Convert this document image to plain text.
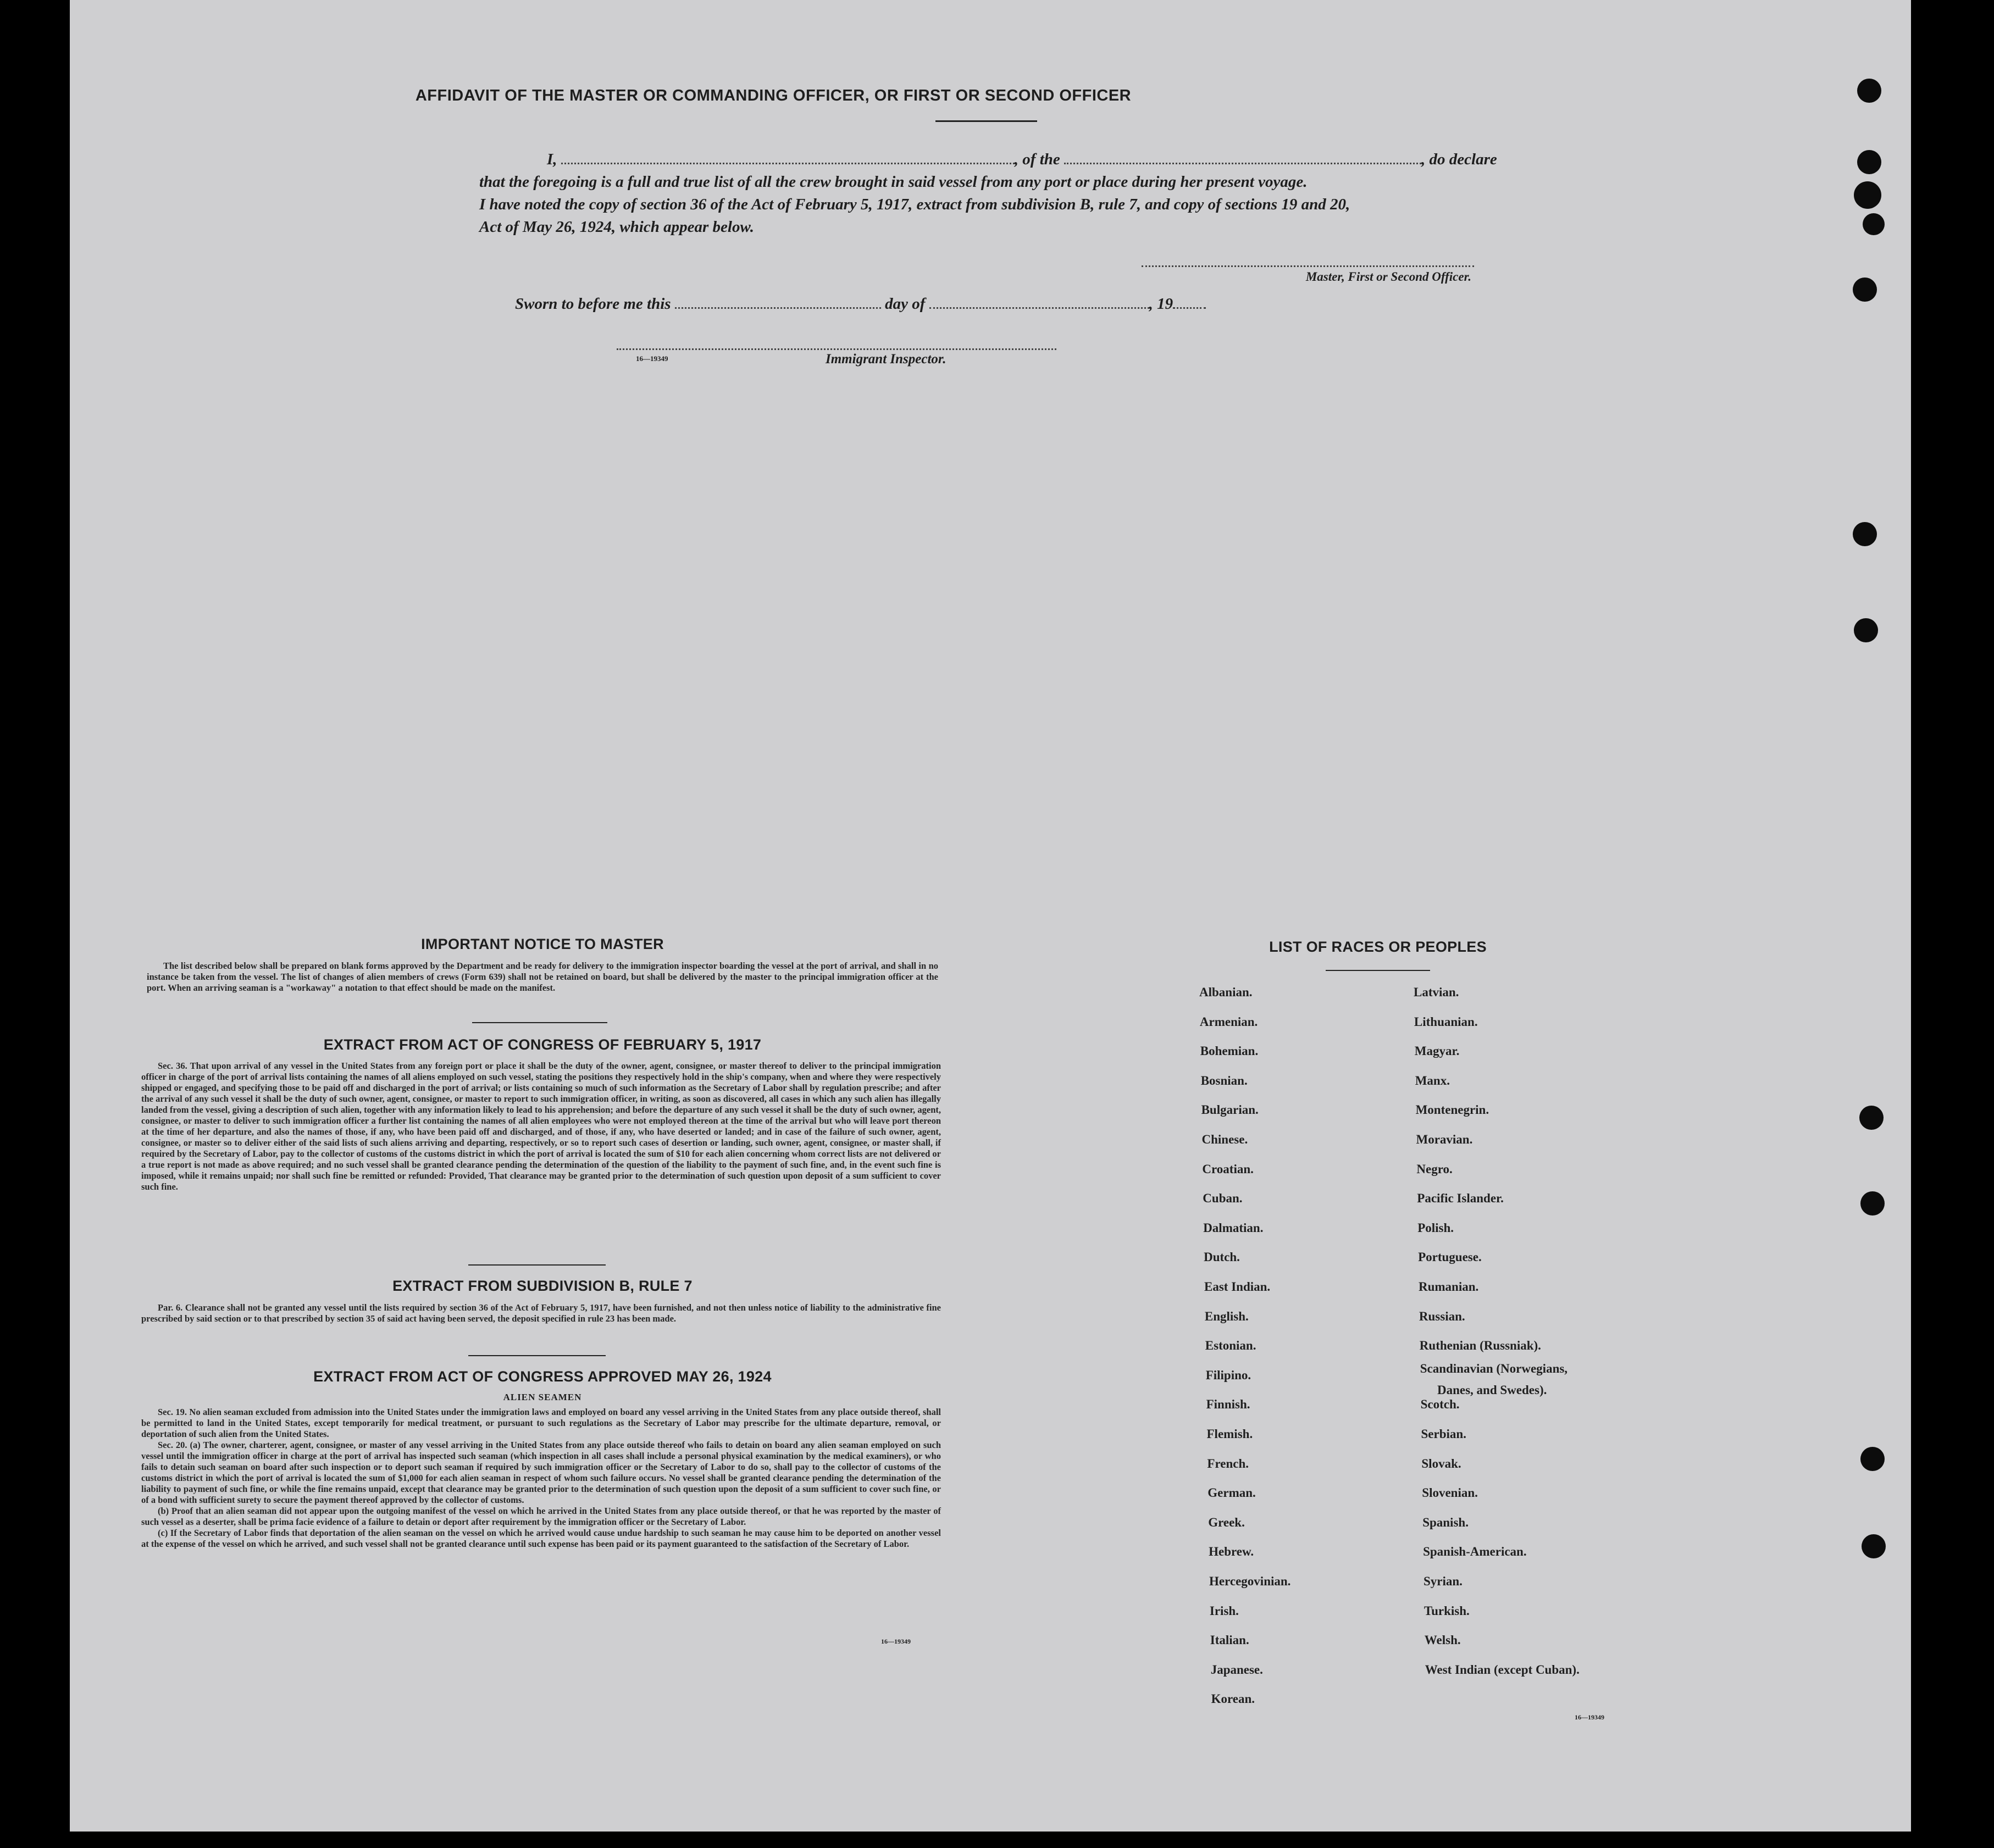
AFFIDAVIT OF THE MASTER OR COMMANDING OFFICER, OR FIRST OR SECOND OFFICER
I,	, of the	, do declare
that the foregoing is a full and true list of all the crew brought in said vessel from any port or place during her present voyage.
I have noted the copy of section 36 of the Act of February 5, 1917, extract from subdivision B, rule 7, and copy of sections 19 and 20,
Act of May 26, 1924, which appear below.
Master, First or Second Officer.
Sworn to before me this	day of	, 19
16—19349	Immigrant Inspector.
IMPORTANT NOTICE TO MASTER

The list described below shall be prepared on blank forms approved by the Department and be ready for delivery to the immigration inspector boarding the vessel at the port of arrival, and shall in no instance be taken from the vessel. The list of changes of alien members of crews (Form 639) shall not be retained on board, but shall be delivered by the master to the principal immigration officer at the port. When an arriving seaman is a "workaway" a notation to that effect should be made on the manifest.

EXTRACT FROM ACT OF CONGRESS OF FEBRUARY 5, 1917

Sec. 36. That upon arrival of any vessel in the United States from any foreign port or place it shall be the duty of the owner, agent, consignee, or master thereof to deliver to the principal immigration officer in charge of the port of arrival lists containing the names of all aliens employed on such vessel, stating the positions they respectively hold in the ship's company, when and where they were respectively shipped or engaged, and specifying those to be paid off and discharged in the port of arrival; or lists containing so much of such information as the Secretary of Labor shall by regulation prescribe; and after the arrival of any such vessel it shall be the duty of such owner, agent, consignee, or master to report to such immigration officer, in writing, as soon as discovered, all cases in which any such alien has illegally landed from the vessel, giving a description of such alien, together with any information likely to lead to his apprehension; and before the departure of any such vessel it shall be the duty of such owner, agent, consignee, or master to deliver to such immigration officer a further list containing the names of all alien employees who were not employed thereon at the time of the arrival but who will leave port thereon at the time of her departure, and also the names of those, if any, who have been paid off and discharged, and of those, if any, who have deserted or landed; and in case of the failure of such owner, agent, consignee, or master so to deliver either of the said lists of such aliens arriving and departing, respectively, or so to report such cases of desertion or landing, such owner, agent, consignee, or master shall, if required by the Secretary of Labor, pay to the collector of customs of the customs district in which the port of arrival is located the sum of $10 for each alien concerning whom correct lists are not delivered or a true report is not made as above required; and no such vessel shall be granted clearance pending the determination of the question of the liability to the payment of such fine, and, in the event such fine is imposed, while it remains unpaid; nor shall such fine be remitted or refunded: Provided, That clearance may be granted prior to the determination of such question upon deposit of a sum sufficient to cover such fine.

EXTRACT FROM SUBDIVISION B, RULE 7

Par. 6. Clearance shall not be granted any vessel until the lists required by section 36 of the Act of February 5, 1917, have been furnished, and not then unless notice of liability to the administrative fine prescribed by said section or to that prescribed by section 35 of said act having been served, the deposit specified in rule 23 has been made.

EXTRACT FROM ACT OF CONGRESS APPROVED MAY 26, 1924
ALIEN SEAMEN

Sec. 19. No alien seaman excluded from admission into the United States under the immigration laws and employed on board any vessel arriving in the United States from any place outside thereof, shall be permitted to land in the United States, except temporarily for medical treatment, or pursuant to such regulations as the Secretary of Labor may prescribe for the ultimate departure, removal, or deportation of such alien from the United States.

Sec. 20. (a) The owner, charterer, agent, consignee, or master of any vessel arriving in the United States from any place outside thereof who fails to detain on board any alien seaman employed on such vessel until the immigration officer in charge at the port of arrival has inspected such seaman (which inspection in all cases shall include a personal physical examination by the medical examiners), or who fails to detain such seaman on board after such inspection or to deport such seaman if required by such immigration officer or the Secretary of Labor to do so, shall pay to the collector of customs of the customs district in which the port of arrival is located the sum of $1,000 for each alien seaman in respect of whom such failure occurs. No vessel shall be granted clearance pending the determination of the liability to payment of such fine, or while the fine remains unpaid, except that clearance may be granted prior to the determination of such question upon the deposit of a sum sufficient to cover such fine, or of a bond with sufficient surety to secure the payment thereof approved by the collector of customs.

(b) Proof that an alien seaman did not appear upon the outgoing manifest of the vessel on which he arrived in the United States from any place outside thereof, or that he was reported by the master of such vessel as a deserter, shall be prima facie evidence of a failure to detain or deport after requirement by the immigration officer or the Secretary of Labor.

(c) If the Secretary of Labor finds that deportation of the alien seaman on the vessel on which he arrived would cause undue hardship to such seaman he may cause him to be deported on another vessel at the expense of the vessel on which he arrived, and such vessel shall not be granted clearance until such expense has been paid or its payment guaranteed to the satisfaction of the Secretary of Labor.

16—19349
LIST OF RACES OR PEOPLES
Albanian.
Armenian.
Bohemian.
Bosnian.
Bulgarian.
Chinese.
Croatian.
Cuban.
Dalmatian.
Dutch.
East Indian.
English.
Estonian.
Filipino.
Finnish.
Flemish.
French.
German.
Greek.
Hebrew.
Hercegovinian.
Irish.
Italian.
Japanese.
Korean.
Latvian.
Lithuanian.
Magyar.
Manx.
Montenegrin.
Moravian.
Negro.
Pacific Islander.
Polish.
Portuguese.
Rumanian.
Russian.
Ruthenian (Russniak).
Scandinavian (Norwegians,
Danes, and Swedes).
Scotch.
Serbian.
Slovak.
Slovenian.
Spanish.
Spanish-American.
Syrian.
Turkish.
Welsh.
West Indian (except Cuban).
16—19349
